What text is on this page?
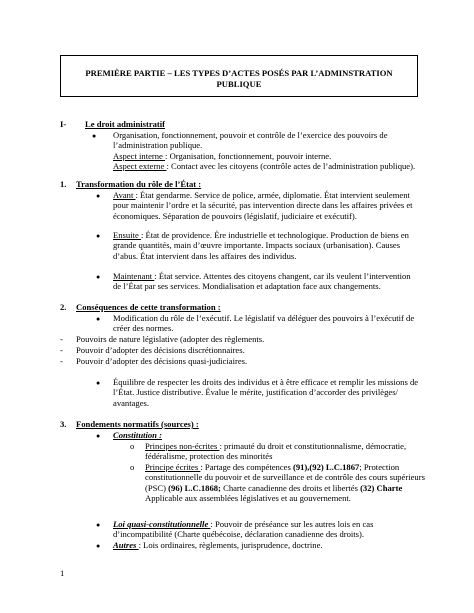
PREMIÈRE PARTIE – LES TYPES D’ACTES POSÉS PAR L’ADMINSTRATION
PUBLIQUE
I- Le droit administratif
● Organisation, fonctionnement, pouvoir et contrôle de l’exercice des pouvoirs de
l’administration publique.
Aspect interne : Organisation, fonctionnement, pouvoir interne.
Aspect externe : Contact avec les citoyens (contrôle actes de l’administration publique).
1. Transformation du rôle de l’État :
● Avant : État gendarme. Service de police, armée, diplomatie. État intervient seulement
pour maintenir l’ordre et la sécurité, pas intervention directe dans les affaires privées et
économiques. Séparation de pouvoirs (législatif, judiciaire et exécutif).
● Ensuite : État de providence. Ère industrielle et technologique. Production de biens en
grande quantités, main d’œuvre importante. Impacts sociaux (urbanisation). Causes
d’abus. État intervient dans les affaires des individus.
● Maintenant : État service. Attentes des citoyens changent, car ils veulent l’intervention
de l’État par ses services. Mondialisation et adaptation face aux changements.
2. Conséquences de cette transformation :
● Modification du rôle de l’exécutif. Le législatif va déléguer des pouvoirs à l’exécutif de
créer des normes.
- Pouvoirs de nature législative (adopter des règlements.
- Pouvoir d’adopter des décisions discrétionnaires.
- Pouvoir d’adopter des décisions quasi-judiciaires.
● Équilibre de respecter les droits des individus et à être efficace et remplir les missions de
l’État. Justice distributive. Évalue le mérite, justification d’accorder des privilèges/
avantages.
3. Fondements normatifs (sources) :
● Constitution :
o Principes non-écrites : primauté du droit et constitutionnalisme, démocratie,
fédéralisme, protection des minorités
o Principe écrites : Partage des compétences (91),(92) L.C.1867; Protection
constitutionnelle du pouvoir et de surveillance et de contrôle des cours supérieurs
(PSC) (96) L.C.1868; Charte canadienne des droits et libertés (32) Charte
Applicable aux assemblées législatives et au gouvernement.
● Loi quasi-constitutionnelle : Pouvoir de préséance sur les autres lois en cas
d’incompatibilité (Charte québécoise, déclaration canadienne des droits).
● Autres : Lois ordinaires, règlements, jurisprudence, doctrine.
1
